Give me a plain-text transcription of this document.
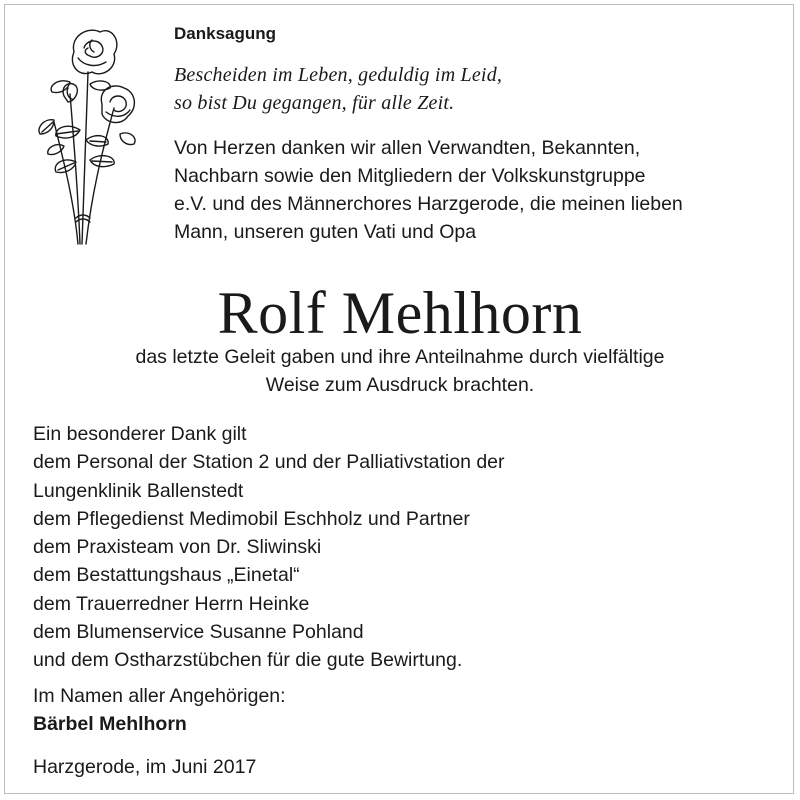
Danksagung
Bescheiden im Leben, geduldig im Leid,
so bist Du gegangen, für alle Zeit.
Von Herzen danken wir allen Verwandten, Bekannten,
Nachbarn sowie den Mitgliedern der Volkskunstgruppe
e.V. und des Männerchores Harzgerode, die meinen lieben
Mann, unseren guten Vati und Opa
Rolf Mehlhorn
das letzte Geleit gaben und ihre Anteilnahme durch vielfältige
Weise zum Ausdruck brachten.
Ein besonderer Dank gilt
dem Personal der Station 2 und der Palliativstation der
Lungenklinik Ballenstedt
dem Pflegedienst Medimobil Eschholz und Partner
dem Praxisteam von Dr. Sliwinski
dem Bestattungshaus „Einetal“
dem Trauerredner Herrn Heinke
dem Blumenservice Susanne Pohland
und dem Ostharzstübchen für die gute Bewirtung.
Im Namen aller Angehörigen:
Bärbel Mehlhorn
Harzgerode, im Juni 2017
